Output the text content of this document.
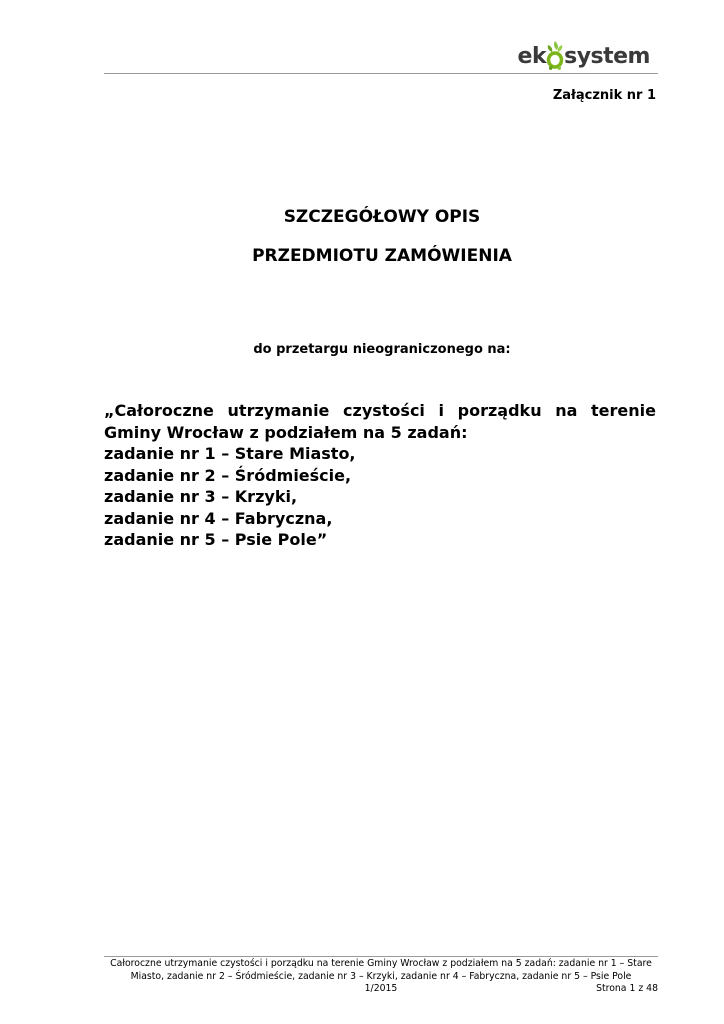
ek system
Załącznik nr 1
SZCZEGÓŁOWY OPIS
PRZEDMIOTU ZAMÓWIENIA
do przetargu nieograniczonego na:
„Całoroczne utrzymanie czystości i porządku na terenie
Gminy Wrocław z podziałem na 5 zadań:
zadanie nr 1 – Stare Miasto,
zadanie nr 2 – Śródmieście,
zadanie nr 3 – Krzyki,
zadanie nr 4 – Fabryczna,
zadanie nr 5 – Psie Pole”
Całoroczne utrzymanie czystości i porządku na terenie Gminy Wrocław z podziałem na 5 zadań: zadanie nr 1 – Stare
Miasto, zadanie nr 2 – Śródmieście, zadanie nr 3 – Krzyki, zadanie nr 4 – Fabryczna, zadanie nr 5 – Psie Pole
1/2015	Strona 1 z 48
